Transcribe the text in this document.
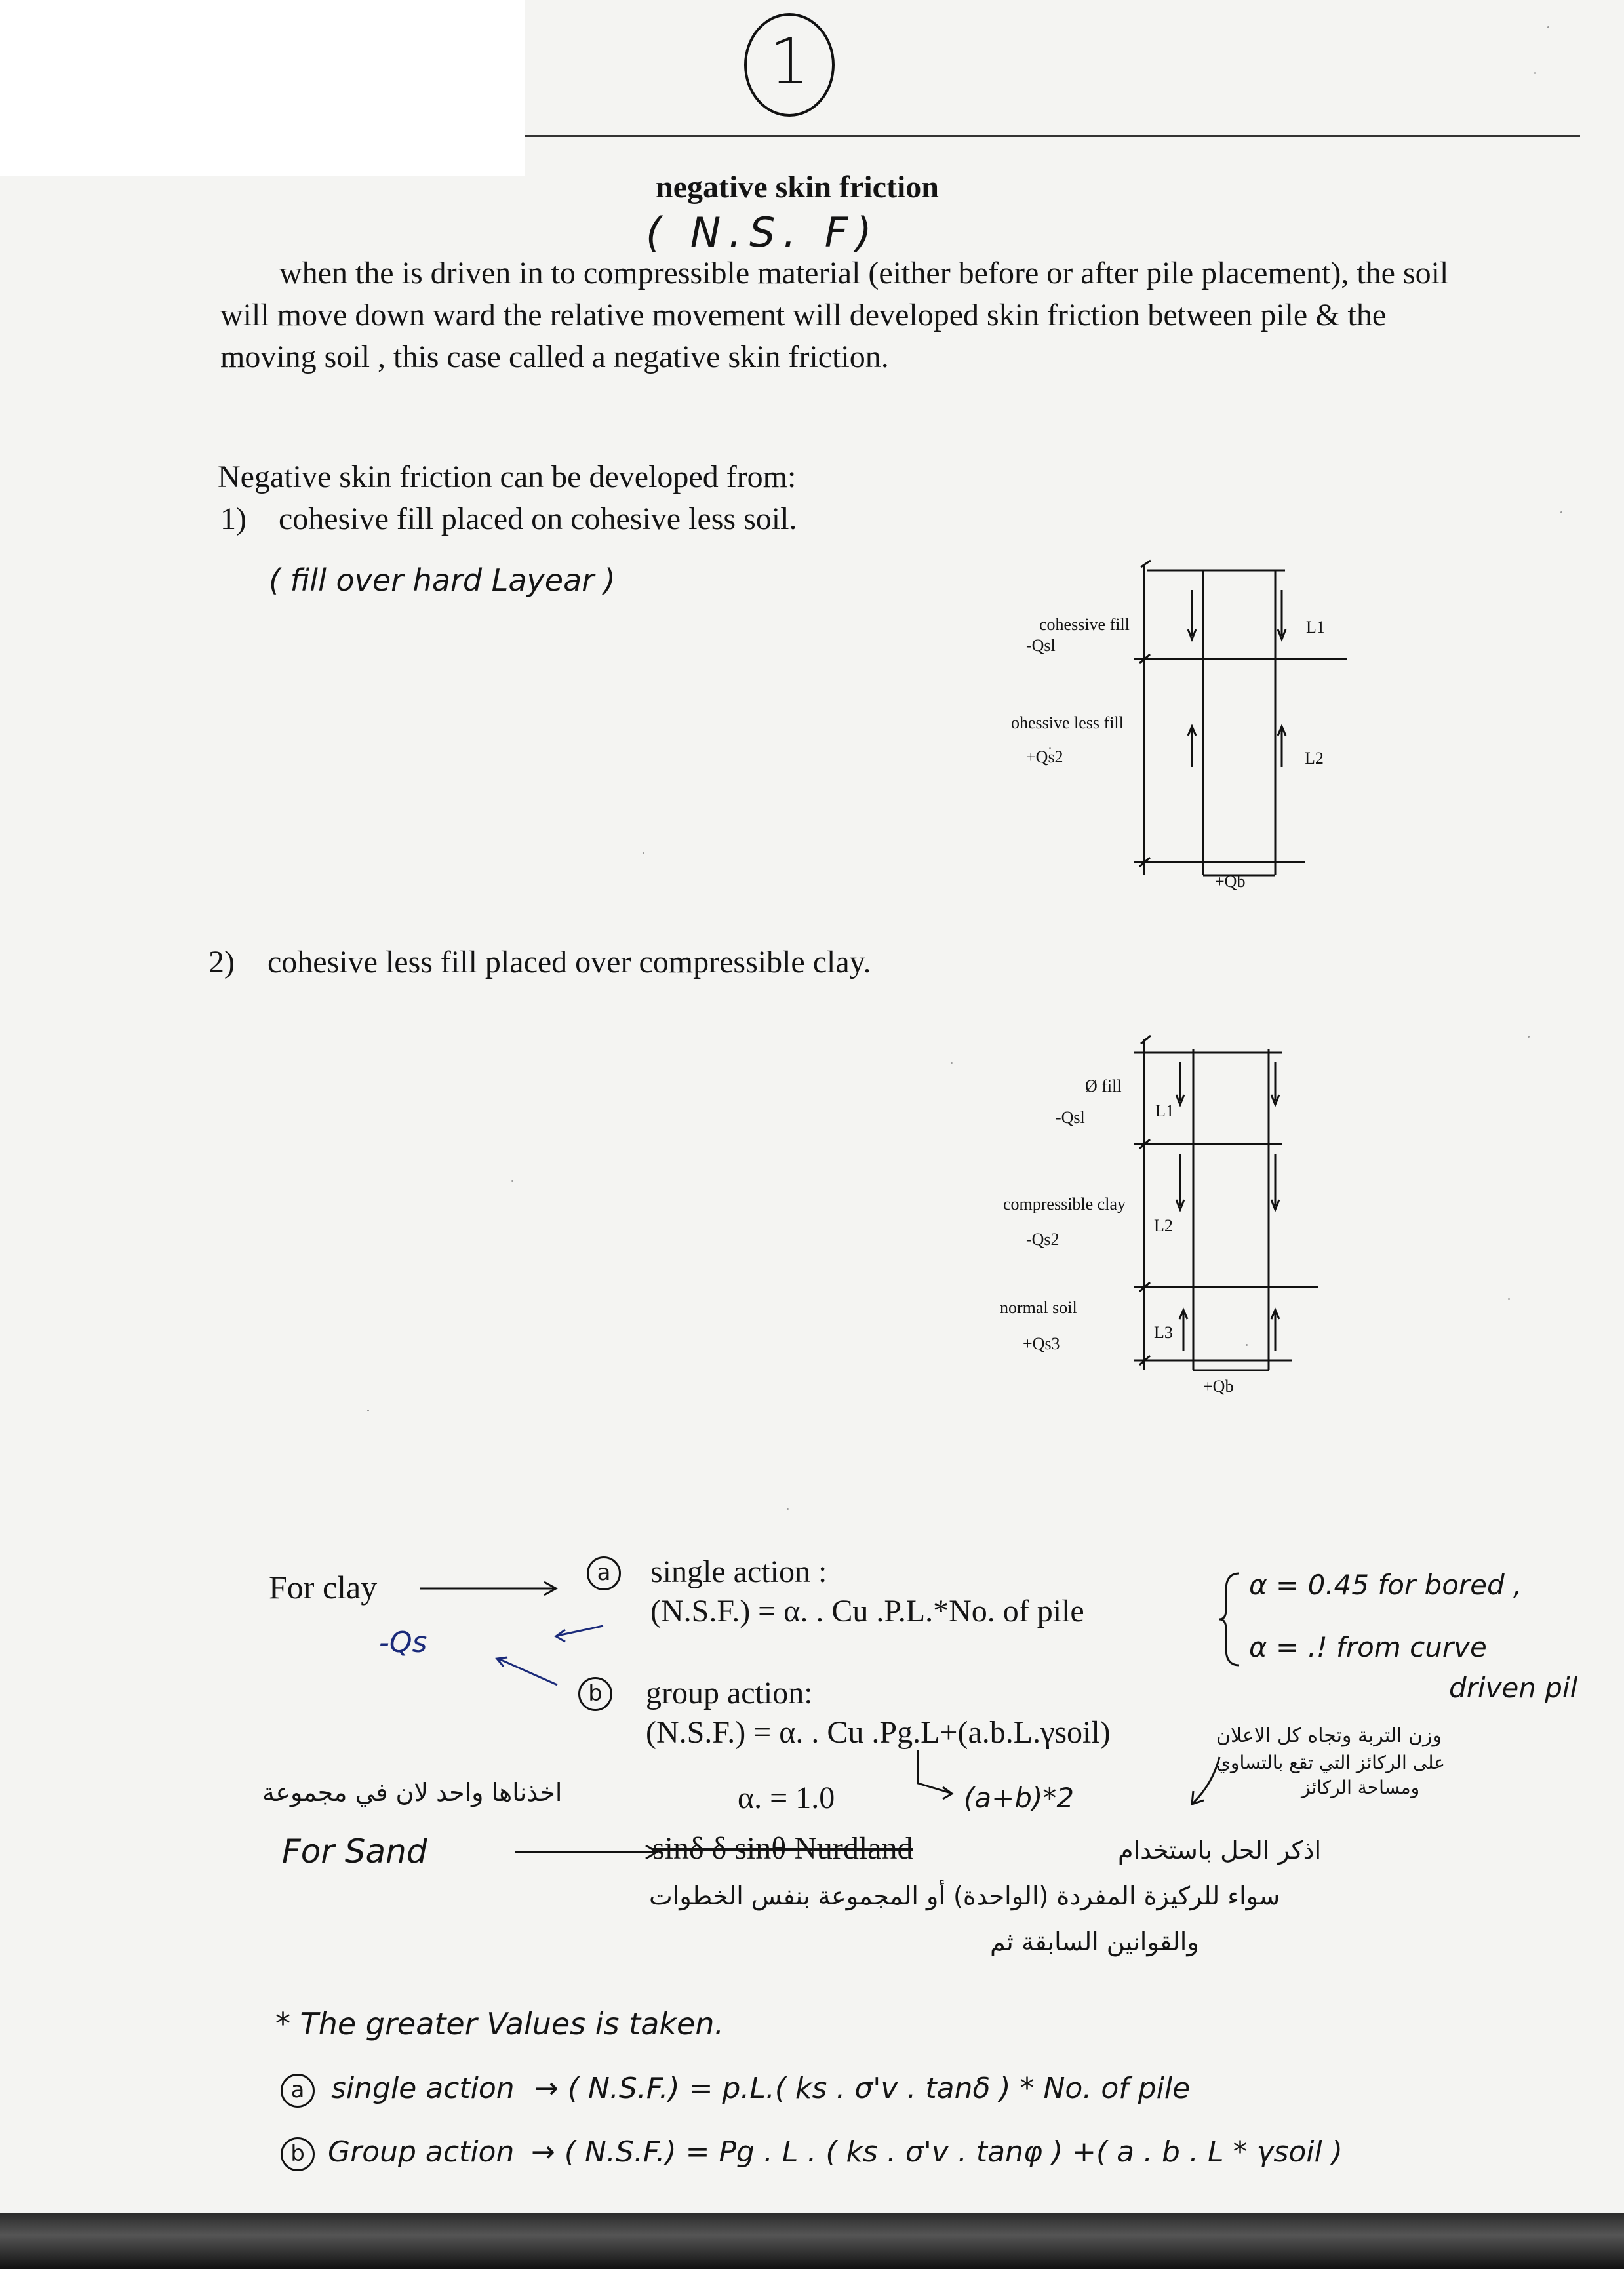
1
negative skin friction
( N.S. F)
when the is driven in to compressible material (either before or after pile placement), the soil will move down ward the relative movement will developed skin friction between pile & the moving soil , this case called a negative skin friction.
Negative skin friction can be developed from:
1) cohesive fill placed on cohesive less soil.
( fill over hard Layear )
cohessive fill
-Qsl
ohessive less fill
+Qs2
L1
L2
+Qb
2) cohesive less fill placed over compressible clay.
Ø fill
-Qsl
compressible clay
-Qs2
normal soil
+Qs3
L1
L2
L3
+Qb
For clay
-Qs
a	single action :
(N.S.F.) = α. . Cu .P.L.*No. of pile
α = 0.45 for bored ,
α = .! from curve
driven pil
b	group action:
(N.S.F.) = α. . Cu .Pg.L+(a.b.L.γsoil)	وزن التربة وتجاه كل الاعلان
على الركائز التي تقع بالتساوي
ومساحة الركائز
اخذناها واحد لان في مجموعة	α. = 1.0	(a+b)*2
For Sand	sinδ δ sinθ Nurdland	اذكر الحل باستخدام
سواء للركيزة المفردة (الواحدة) أو المجموعة بنفس الخطوات
والقوانين السابقة ثم
* The greater Values is taken.
a single action → ( N.S.F.) = p.L.( ks . σ'v . tanδ ) * No. of pile
b Group action → ( N.S.F.) = Pg . L . ( ks . σ'v . tanφ ) +( a . b . L * γsoil )
